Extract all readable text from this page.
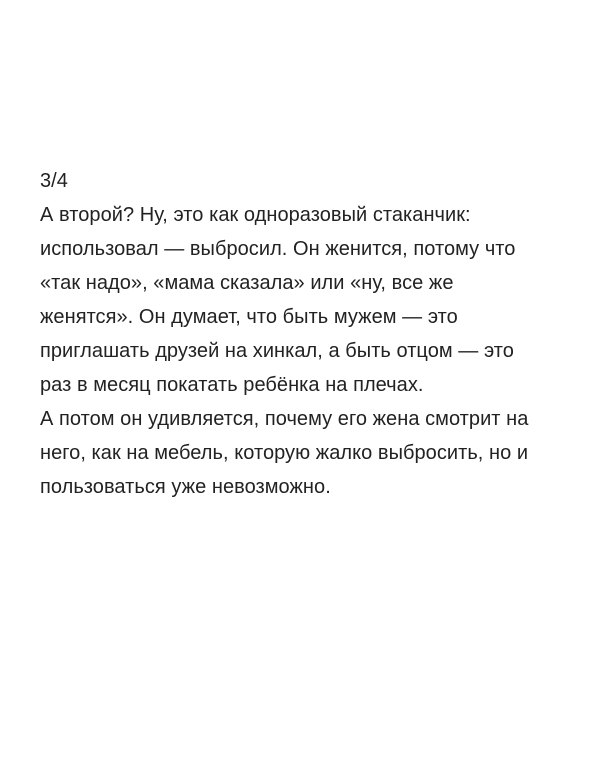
3/4
А второй? Ну, это как одноразовый стаканчик:
использовал — выбросил. Он женится, потому что
«так надо», «мама сказала» или «ну, все же
женятся». Он думает, что быть мужем — это
приглашать друзей на хинкал, а быть отцом — это
раз в месяц покатать ребёнка на плечах.
А потом он удивляется, почему его жена смотрит на
него, как на мебель, которую жалко выбросить, но и
пользоваться уже невозможно.
